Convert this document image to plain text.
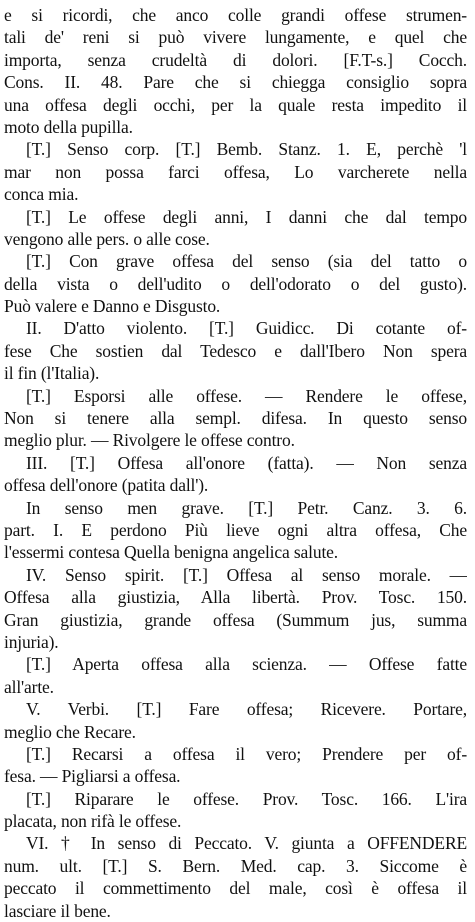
e si ricordi, che anco colle grandi offese strumen-
tali de' reni si può vivere lungamente, e quel che
importa, senza crudeltà di dolori. [F.T-s.] Cocch.
Cons. II. 48. Pare che si chiegga consiglio sopra
una offesa degli occhi, per la quale resta impedito il
moto della pupilla.
[T.] Senso corp. [T.] Bemb. Stanz. 1. E, perchè 'l
mar non possa farci offesa, Lo varcherete nella
conca mia.
[T.] Le offese degli anni, I danni che dal tempo
vengono alle pers. o alle cose.
[T.] Con grave offesa del senso (sia del tatto o
della vista o dell'udito o dell'odorato o del gusto).
Può valere e Danno e Disgusto.
II. D'atto violento. [T.] Guidicc. Di cotante of-
fese Che sostien dal Tedesco e dall'Ibero Non spera
il fin (l'Italia).
[T.] Esporsi alle offese. — Rendere le offese,
Non si tenere alla sempl. difesa. In questo senso
meglio plur. — Rivolgere le offese contro.
III. [T.] Offesa all'onore (fatta). — Non senza
offesa dell'onore (patita dall').
In senso men grave. [T.] Petr. Canz. 3. 6.
part. I. E perdono Più lieve ogni altra offesa, Che
l'essermi contesa Quella benigna angelica salute.
IV. Senso spirit. [T.] Offesa al senso morale. —
Offesa alla giustizia, Alla libertà. Prov. Tosc. 150.
Gran giustizia, grande offesa (Summum jus, summa
injuria).
[T.] Aperta offesa alla scienza. — Offese fatte
all'arte.
V. Verbi. [T.] Fare offesa; Ricevere. Portare,
meglio che Recare.
[T.] Recarsi a offesa il vero; Prendere per of-
fesa. — Pigliarsi a offesa.
[T.] Riparare le offese. Prov. Tosc. 166. L'ira
placata, non rifà le offese.
VI. † In senso di Peccato. V. giunta a OFFENDERE
num. ult. [T.] S. Bern. Med. cap. 3. Siccome è
peccato il commettimento del male, così è offesa il
lasciare il bene.
